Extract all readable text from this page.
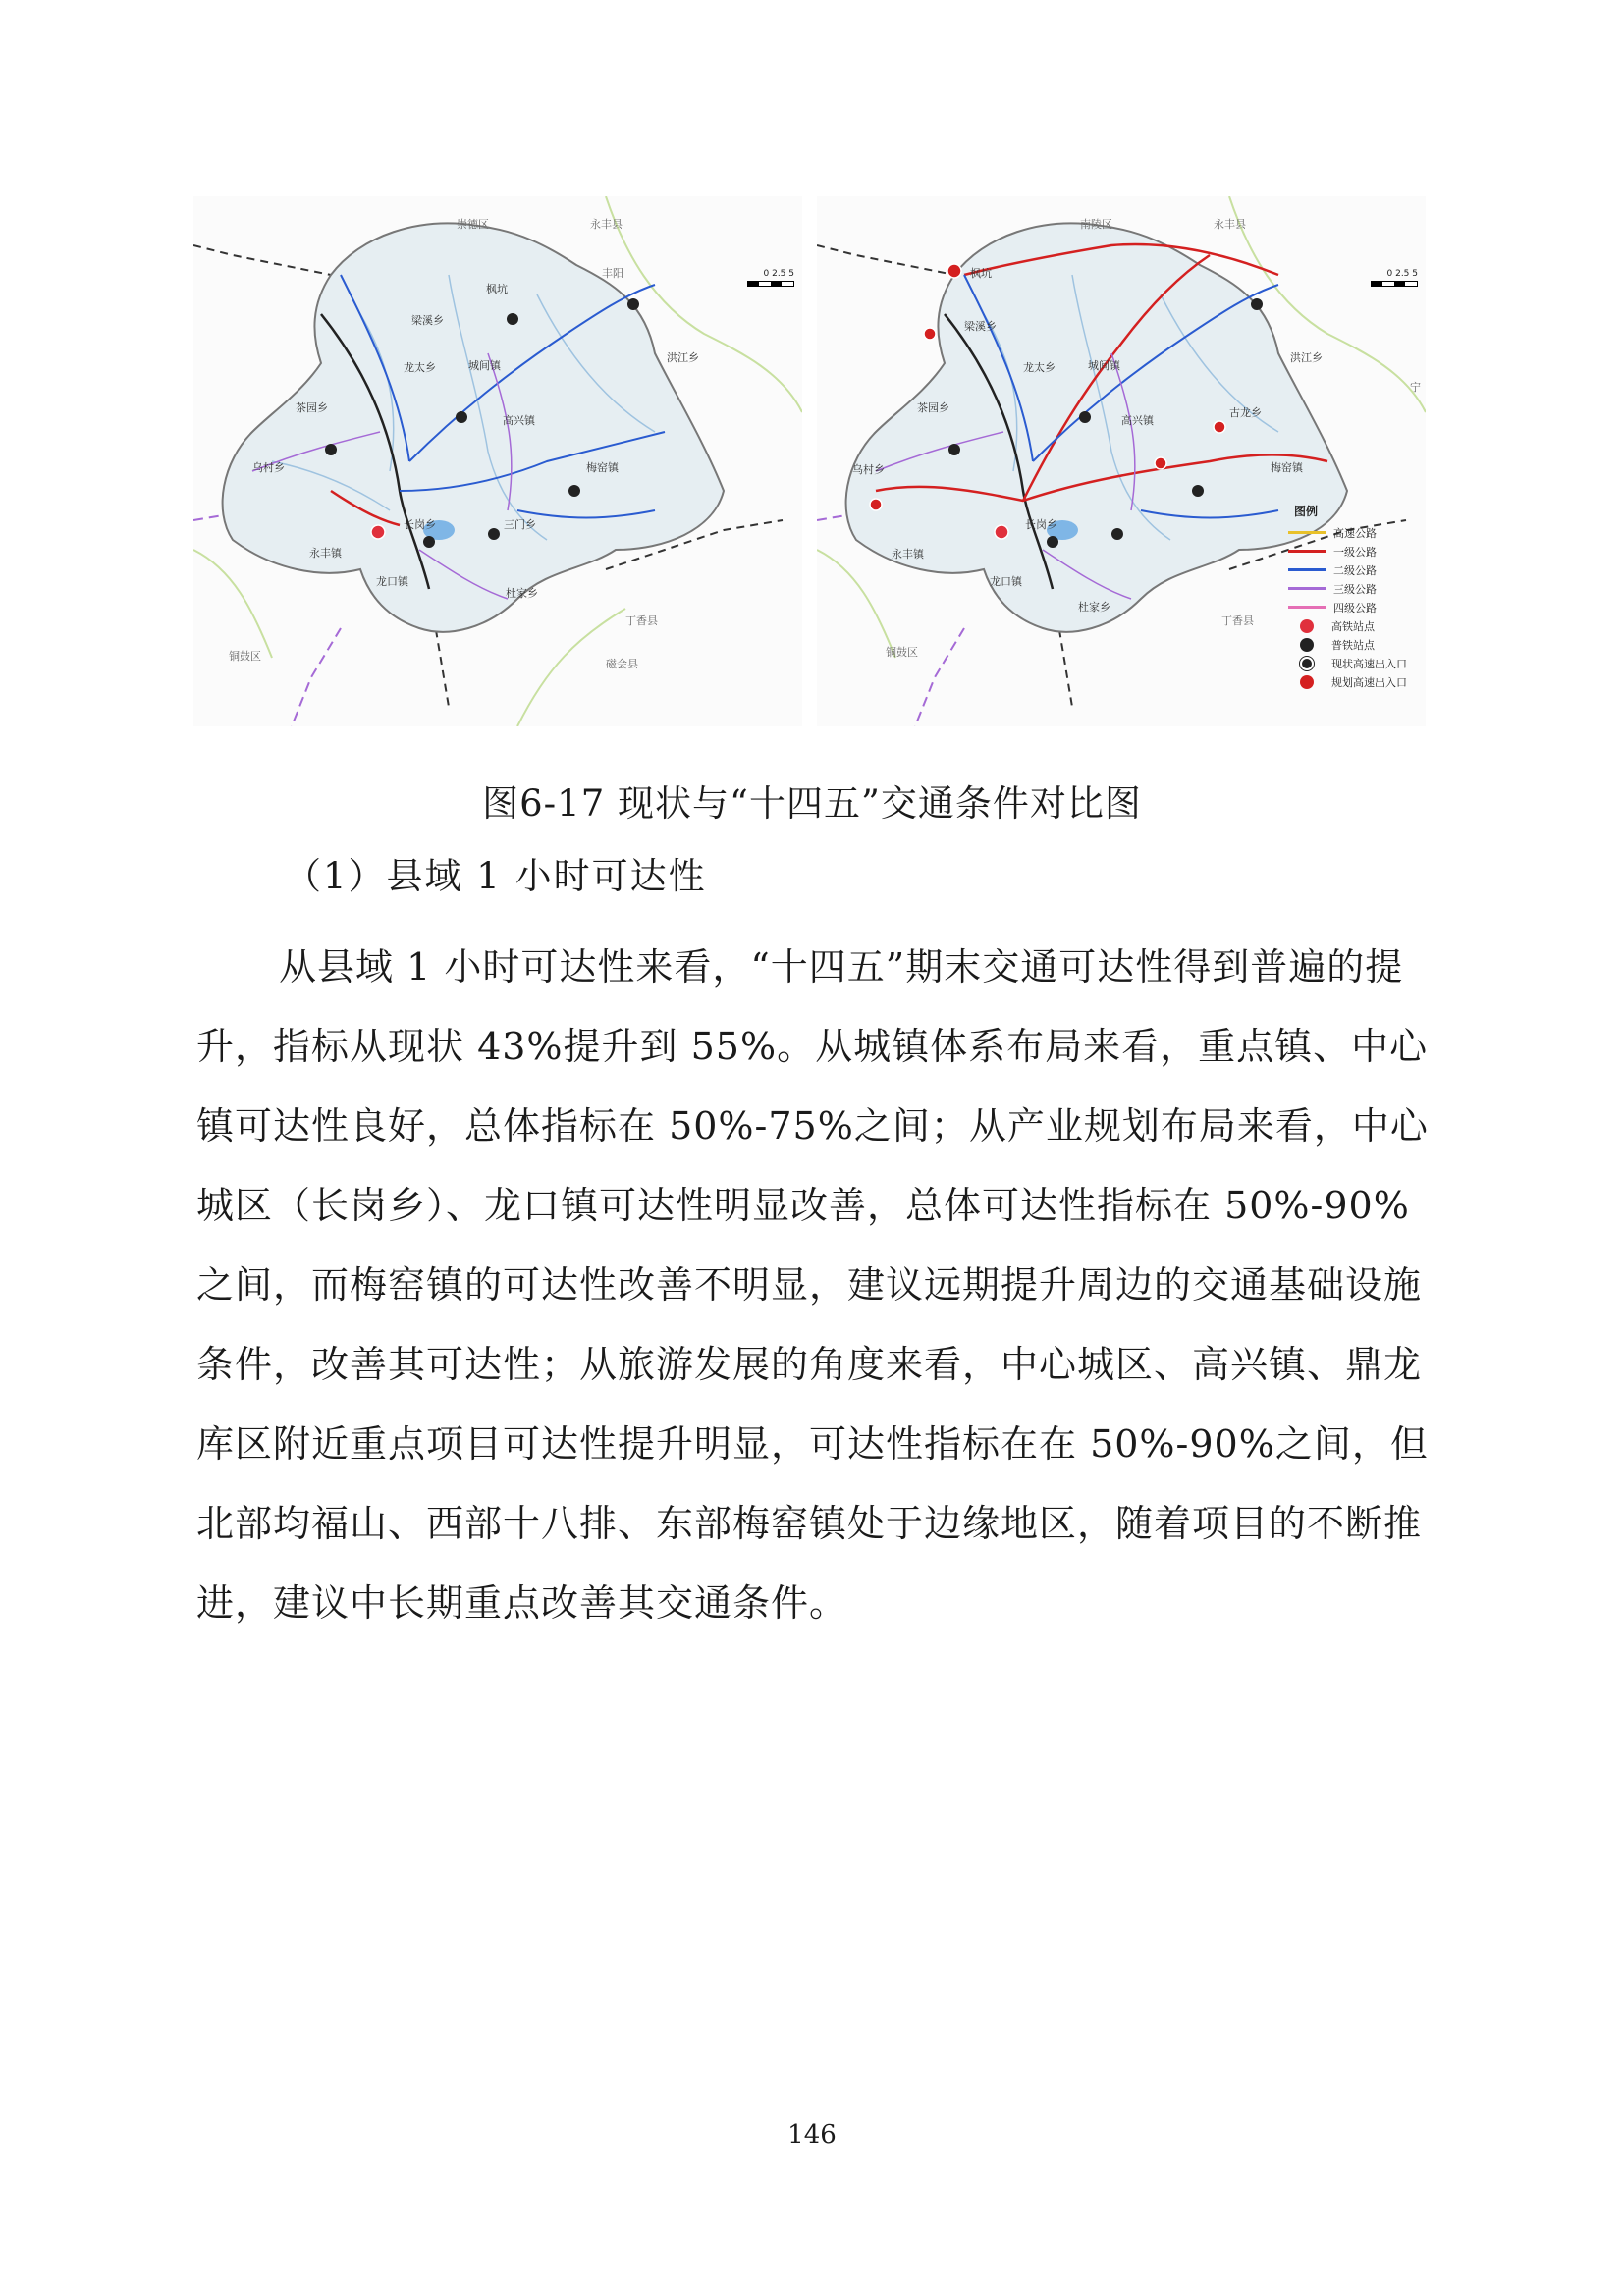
枫坑
梁溪乡
龙太乡	城间镇
洪江乡
茶园乡
高兴镇
梅窑镇
乌村乡
永丰镇
龙口镇
杜家乡
长岗乡	三门乡
崇德区	永丰县
丰阳
丁香县
铜鼓区
磁会县
0 2.5 5	枫坑
梁溪乡
龙太乡	城间镇
洪江乡
茶园乡
高兴镇
梅窑镇
乌村乡
永丰镇
龙口镇
杜家乡
长岗乡
古龙乡
南陵区	永丰县
丁香县
铜鼓区
宁
0 2.5 5
图例
高速公路
一级公路
二级公路
三级公路
四级公路
高铁站点
普铁站点
现状高速出入口
规划高速出入口
图6-17 现状与“十四五”交通条件对比图
（1）县域 1 小时可达性
从县域 1 小时可达性来看，“十四五”期末交通可达性得到普遍的提升，指标从现状 43%提升到 55%。从城镇体系布局来看，重点镇、中心镇可达性良好，总体指标在 50%-75%之间；从产业规划布局来看，中心城区（长岗乡）、龙口镇可达性明显改善，总体可达性指标在 50%-90%之间，而梅窑镇的可达性改善不明显，建议远期提升周边的交通基础设施条件，改善其可达性；从旅游发展的角度来看，中心城区、高兴镇、鼎龙库区附近重点项目可达性提升明显，可达性指标在在 50%-90%之间，但北部均福山、西部十八排、东部梅窑镇处于边缘地区，随着项目的不断推进，建议中长期重点改善其交通条件。
146
